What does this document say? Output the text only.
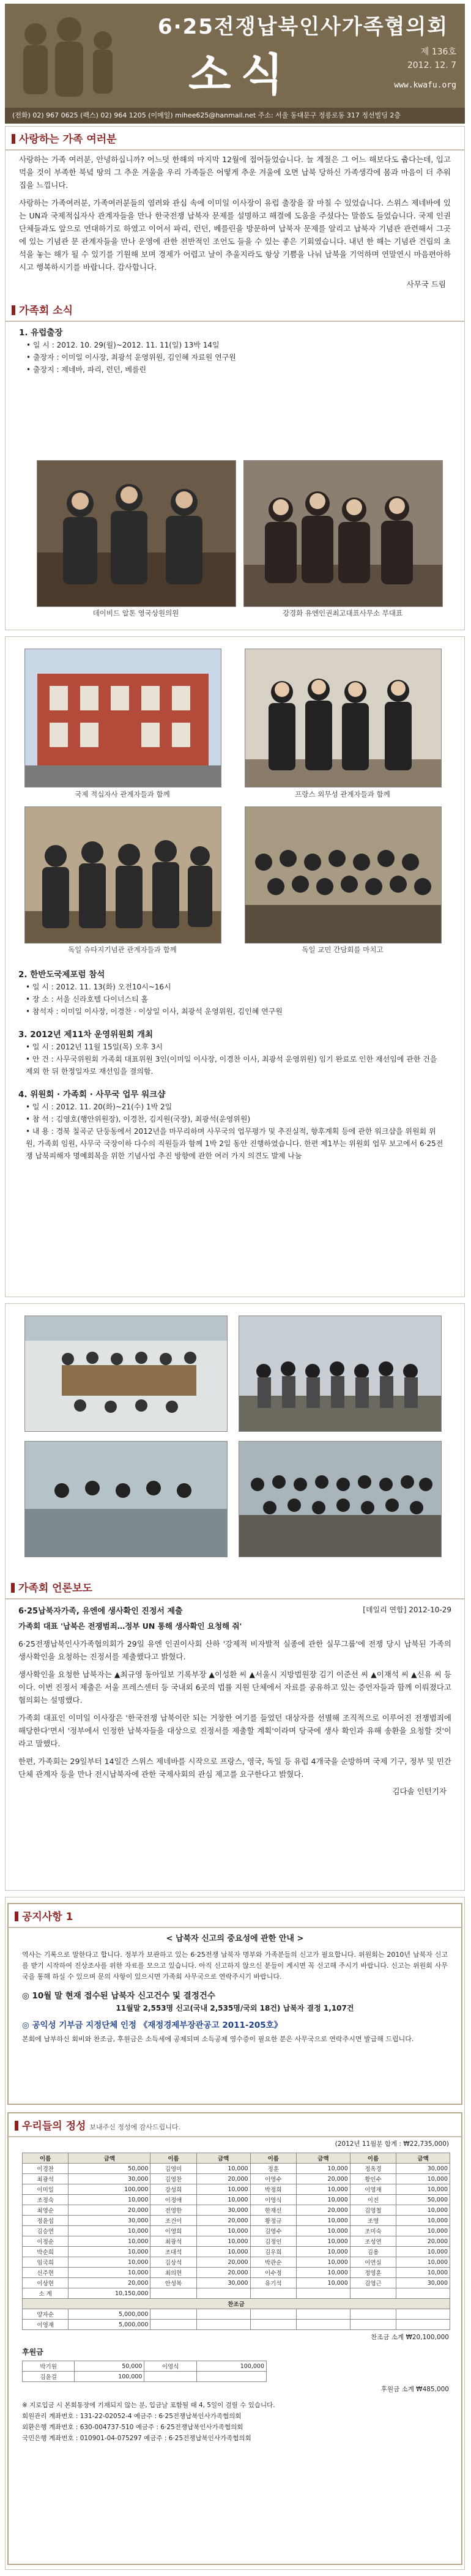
6·25전쟁납북인사가족협의회
소식	제 136호
2012. 12. 7
www.kwafu.org
(전화) 02) 967 0625 (팩스) 02) 964 1205 (이메일) mihee625@hanmail.net 주소: 서울 동대문구 정릉로동 317 정선빌딩 2층
사랑하는 가족 여러분
사랑하는 가족 여러분, 안녕하십니까? 어느덧 한해의 마지막 12월에 접어들었습니다. 늘 계절은 그 어느 해보다도 춥다는데, 입고 먹을 것이 부족한 북녘 땅의 그 추운 겨울을 우리 가족들은 어떻게 추운 겨울에 오면 납북 당하신 가족생각에 몸과 마음이 더 추워집을 느낍니다.
사랑하는 가족여러분, 가족여러분들의 염려와 관심 속에 이미일 이사장이 유럽 출장을 잘 마칠 수 있었습니다. 스위스 제네바에 있는 UN과 국제적십자사 관계자들을 만나 한국전쟁 납북자 문제를 설명하고 해결에 도움을 주셨다는 말씀도 들었습니다. 국제 인권 단체들과도 앞으로 연대하기로 하였고 이어서 파리, 런던, 베를린을 방문하여 납북자 문제를 알리고 납북자 기념관 관련해서 그곳에 있는 기념관 문 관계자들을 만나 운영에 관한 전반적인 조언도 들을 수 있는 좋은 기회였습니다. 내년 한 해는 기념관 건립의 초석을 놓는 해가 될 수 있기를 기원해 보며 경제가 어렵고 날이 추울지라도 항상 기쁨을 나눠 납북을 기억하며 연말연시 마음편아하시고 행복하시기를 바랍니다. 감사합니다.
사무국 드림
가족회 소식
1. 유럽출장
• 일 시 : 2012. 10. 29(월)~2012. 11. 11(일) 13박 14일
• 출장자 : 이미일 이사장, 최광석 운영위원, 김인혜 자료원 연구원
• 출장지 : 제네바, 파리, 런던, 베를린
데이비드 알톤 영국상원의원	강경화 유엔인권최고대표사무소 부대표
국제 적십자사 관계자들과 함께	프랑스 외무성 관계자들과 함께
독일 슈타지기념관 관계자들과 함께	독일 교민 간담회를 마치고
2. 한반도국제포럼 참석
• 일 시 : 2012. 11. 13(화) 오전10시~16시
• 장 소 : 서울 신라호텔 다이너스티 홀
• 참석자 : 이미일 이사장, 이경찬 · 이상일 이사, 최광석 운영위원, 김인혜 연구원
3. 2012년 제11차 운영위원회 개최
• 일 시 : 2012년 11월 15일(목) 오후 3시
• 안 건 : 사무국위원회 가족회 대표위원 3인(이미일 이사장, 이경찬 이사, 최광석 운영위원) 임기 완료로 인한 재선임에 관한 건을 제외 한 뒤 한정일자로 재선임을 결의함.
4. 위원회 · 가족회 · 사무국 업무 워크샵
• 일 시 : 2012. 11. 20(화)~21(수) 1박 2일
• 참 석 : 김영호(행안위원장), 이경찬, 김지원(국장), 최광석(운영위원)
• 내 용 : 경북 칠곡군 단둥동에서 2012년을 마무리하며 사무국의 업무평가 및 추진실적, 향후계획 등에 관한 워크샵을 위원회 위원, 가족회 임원, 사무국 국장이하 다수의 직원들과 함께 1박 2일 동안 진행하였습니다. 한편 제1부는 위원회 업무 보고에서 6·25전쟁 납북피해자 명예회복을 위한 기념사업 추진 방향에 관한 여러 가지 의견도 발제 나눔
가족회 언론보도
6·25납북자가족, 유엔에 생사확인 진정서 제출	[데일리 연합] 2012-10-29
가족회 대표 '납북은 전쟁범죄…정부 UN 통해 생사확인 요청해 줘'
6·25전쟁납북인사가족협의회가 29일 유엔 인권이사회 산하 '강제적 비자발적 실종에 관한 실무그룹'에 전쟁 당시 납북된 가족의 생사확인을 요청하는 진정서를 제출했다고 밝혔다.
생사확인을 요청한 납북자는 ▲최규영 동아일보 기록부장 ▲이성환 씨 ▲서울시 지방법원장 김기 이준선 씨 ▲이재석 씨 ▲신유 씨 등이다. 이번 진정서 제출은 서울 프레스센터 등 국내외 6곳의 법률 지원 단체에서 자료를 공유하고 있는 증언자들과 함께 이뤄졌다고 협의회는 설명했다.
가족회 대표인 이미일 이사장은 '한국전쟁 납북이란 되는 거창한 여기를 들었던 대상자를 선별해 조직적으로 이루어진 전쟁범죄에 해당한다'면서 '정부에서 인정한 납북자들을 대상으로 진정서를 제출할 계획'이라며 당국에 생사 확인과 유해 송환을 요청할 것'이라고 말했다.
한편, 가족회는 29일부터 14일간 스위스 제네바를 시작으로 프랑스, 영국, 독일 등 유럽 4개국을 순방하며 국제 기구, 정부 및 민간 단체 관계자 등을 만나 전시납북자에 관한 국제사회의 관심 제고를 요구한다고 밝혔다.
김다솔 인턴기자
공지사항 1
< 납북자 신고의 중요성에 관한 안내 >
역사는 기록으로 말한다고 합니다. 정부가 보관하고 있는 6·25전쟁 납북자 명부와 가족분들의 신고가 필요합니다. 위원회는 2010년 납북자 신고를 받기 시작하여 진상조사를 위한 자료를 모으고 있습니다. 아직 신고하지 않으신 분들이 계시면 꼭 신고해 주시기 바랍니다. 신고는 위원회 사무국을 통해 하실 수 있으며 문의 사항이 있으시면 가족회 사무국으로 연락주시기 바랍니다.
◎ 10월 말 현재 접수된 납북자 신고건수 및 결정건수
11월말 2,553명 신고(국내 2,535명/국외 18건) 납북자 결정 1,107건
◎ 공익성 기부금 지정단체 인정 《재정경제부장관공고 2011-205호》
본회에 납부하신 회비와 찬조금, 후원금은 소득세에 공제되며 소득공제 영수증이 필요한 분은 사무국으로 연락주시면 발급해 드립니다.
우리들의 정성 보내주신 정성에 감사드립니다.
(2012년 11월분 합계 : ₩22,735,000)
이름	금액	이름	금액	이름	금액	이름	금액
이경찬	50,000	김영미	10,000	정훈	10,000	정옥경	30,000
최광석	30,000	김영찬	20,000	이영수	20,000	황인수	10,000
이미일	100,000	강성희	10,000	박정희	10,000	이영재	10,000
조정숙	10,000	이정애	10,000	이영식	10,000	이진	50,000
최영순	20,000	전영한	30,000	한재선	20,000	김영철	10,000
정윤섭	30,000	조건이	20,000	황정규	10,000	조영	10,000
김승연	10,000	이영희	10,000	김영수	10,000	조미숙	10,000
이정순	10,000	최광석	10,000	김정인	10,000	조성연	20,000
박순희	10,000	조대석	10,000	김우희	10,000	김용	10,000
임국희	10,000	김상석	20,000	박관순	10,000	이연실	10,000
신주현	10,000	최의현	20,000	이수정	10,000	정영훈	10,000
이상현	20,000	안성복	30,000	유기석	10,000	김영근	30,000
소 계	10,150,000						
찬조금							
양자순	5,000,000						
이영재	5,000,000						
찬조금 소계 ₩20,100,000
후원금
박기원	50,000	이영식	100,000
김윤걸	100,000		
후원금 소계 ₩485,000
※ 지로입금 시 본회통장에 기재되지 않는 분, 입금날 포함될 때 4, 5일이 걸릴 수 있습니다.
회원관리 계좌번호 : 131-22-02052-4 예금주 : 6·25전쟁납북인사가족협의회
외환은행 계좌번호 : 630-004737-510 예금주 : 6·25전쟁납북인사가족협의회
국민은행 계좌번호 : 010901-04-075297 예금주 : 6·25전쟁납북인사가족협의회
